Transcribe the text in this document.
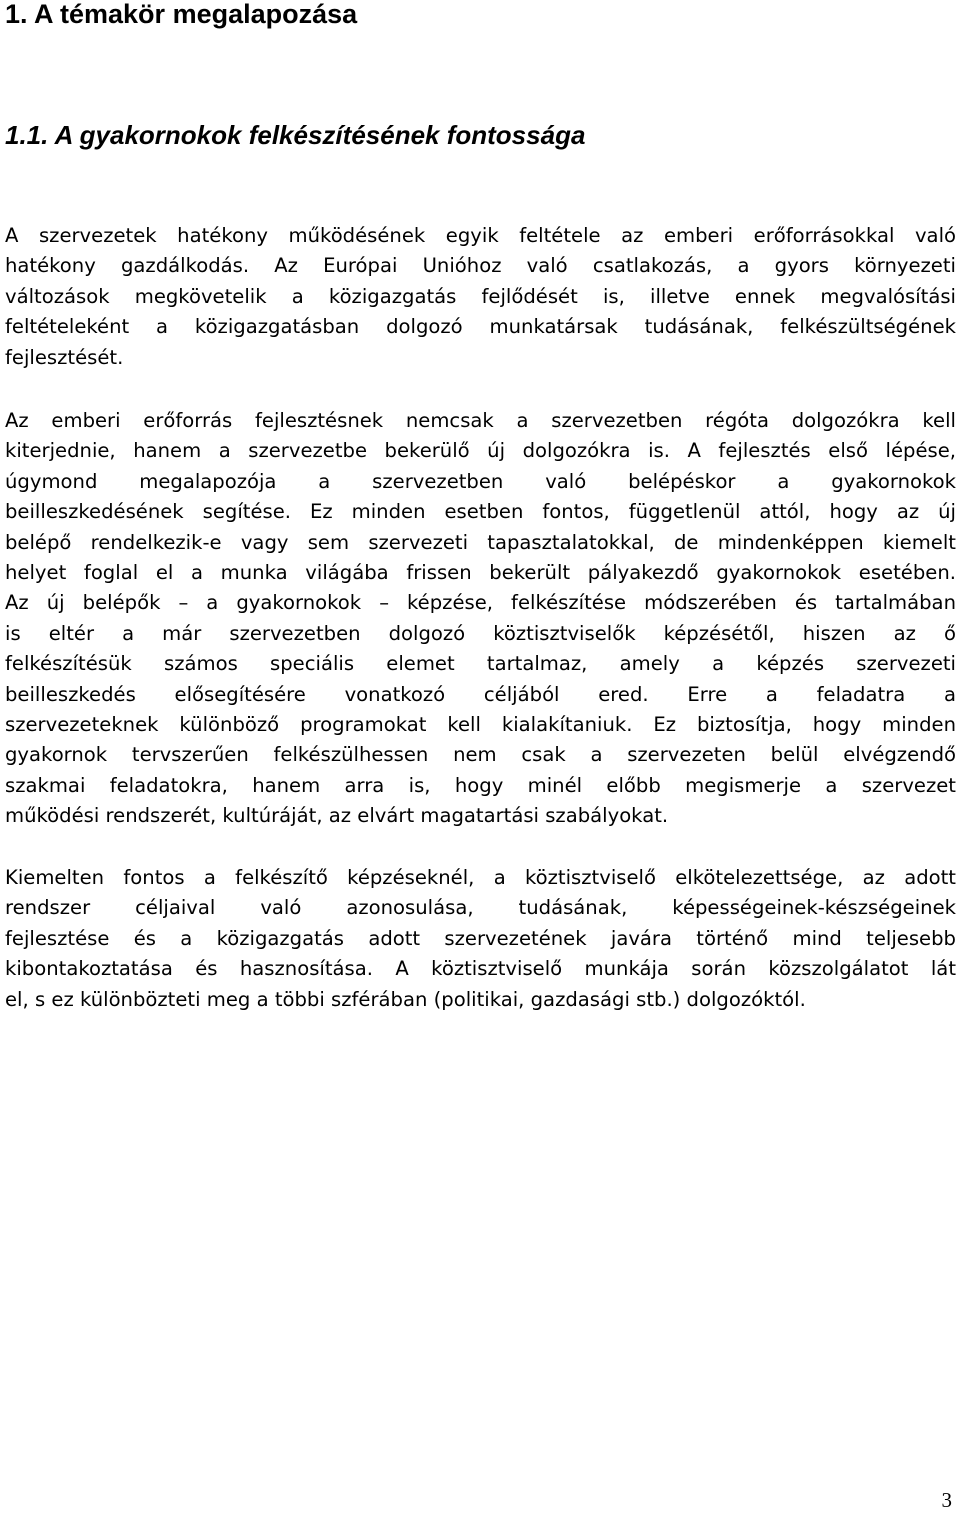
1. A témakör megalapozása
1.1. A gyakornokok felkészítésének fontossága
A szervezetek hatékony működésének egyik feltétele az emberi erőforrásokkal való
hatékony gazdálkodás. Az Európai Unióhoz való csatlakozás, a gyors környezeti
változások megkövetelik a közigazgatás fejlődését is, illetve ennek megvalósítási
feltételeként a közigazgatásban dolgozó munkatársak tudásának, felkészültségének
fejlesztését.
Az emberi erőforrás fejlesztésnek nemcsak a szervezetben régóta dolgozókra kell
kiterjednie, hanem a szervezetbe bekerülő új dolgozókra is. A fejlesztés első lépése,
úgymond megalapozója a szervezetben való belépéskor a gyakornokok
beilleszkedésének segítése. Ez minden esetben fontos, függetlenül attól, hogy az új
belépő rendelkezik-e vagy sem szervezeti tapasztalatokkal, de mindenképpen kiemelt
helyet foglal el a munka világába frissen bekerült pályakezdő gyakornokok esetében.
Az új belépők – a gyakornokok – képzése, felkészítése módszerében és tartalmában
is eltér a már szervezetben dolgozó köztisztviselők képzésétől, hiszen az ő
felkészítésük számos speciális elemet tartalmaz, amely a képzés szervezeti
beilleszkedés elősegítésére vonatkozó céljából ered. Erre a feladatra a
szervezeteknek különböző programokat kell kialakítaniuk. Ez biztosítja, hogy minden
gyakornok tervszerűen felkészülhessen nem csak a szervezeten belül elvégzendő
szakmai feladatokra, hanem arra is, hogy minél előbb megismerje a szervezet
működési rendszerét, kultúráját, az elvárt magatartási szabályokat.
Kiemelten fontos a felkészítő képzéseknél, a köztisztviselő elkötelezettsége, az adott
rendszer céljaival való azonosulása, tudásának, képességeinek-készségeinek
fejlesztése és a közigazgatás adott szervezetének javára történő mind teljesebb
kibontakoztatása és hasznosítása. A köztisztviselő munkája során közszolgálatot lát
el, s ez különbözteti meg a többi szférában (politikai, gazdasági stb.) dolgozóktól.
3
